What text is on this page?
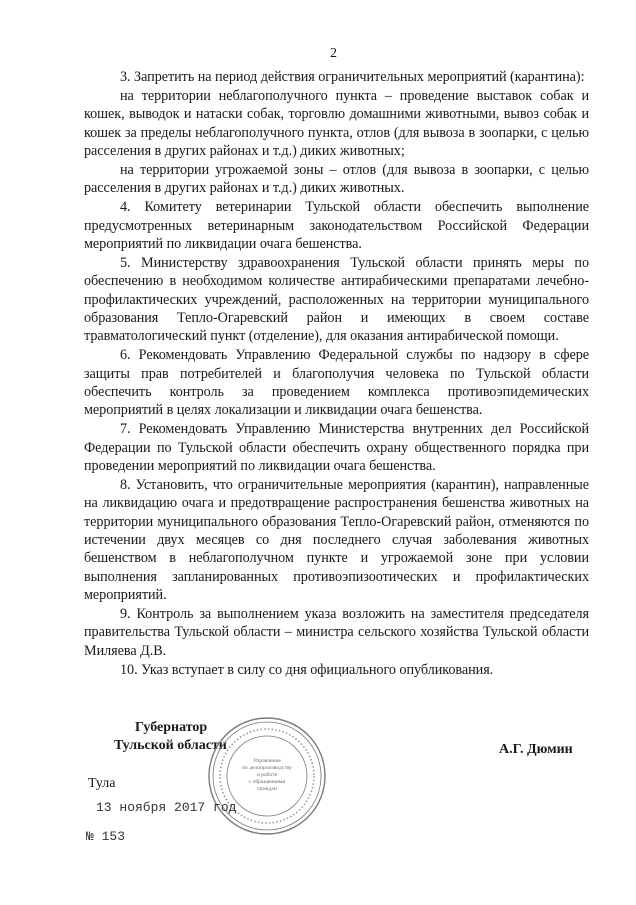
2

3. Запретить на период действия ограничительных мероприятий (карантина):

на территории неблагополучного пункта – проведение выставок собак и кошек, выводок и натаски собак, торговлю домашними животными, вывоз собак и кошек за пределы неблагополучного пункта, отлов (для вывоза в зоопарки, с целью расселения в других районах и т.д.) диких животных;

на территории угрожаемой зоны – отлов (для вывоза в зоопарки, с целью расселения в других районах и т.д.) диких животных.

4. Комитету ветеринарии Тульской области обеспечить выполнение предусмотренных ветеринарным законодательством Российской Федерации мероприятий по ликвидации очага бешенства.

5. Министерству здравоохранения Тульской области принять меры по обеспечению в необходимом количестве антирабическими препаратами лечебно-профилактических учреждений, расположенных на территории муниципального образования Тепло-Огаревский район и имеющих в своем составе травматологический пункт (отделение), для оказания антирабической помощи.

6. Рекомендовать Управлению Федеральной службы по надзору в сфере защиты прав потребителей и благополучия человека по Тульской области обеспечить контроль за проведением комплекса противоэпидемических мероприятий в целях локализации и ликвидации очага бешенства.

7. Рекомендовать Управлению Министерства внутренних дел Российской Федерации по Тульской области обеспечить охрану общественного порядка при проведении мероприятий по ликвидации очага бешенства.

8. Установить, что ограничительные мероприятия (карантин), направленные на ликвидацию очага и предотвращение распространения бешенства животных на территории муниципального образования Тепло-Огаревский район, отменяются по истечении двух месяцев со дня последнего случая заболевания животных бешенством в неблагополучном пункте и угрожаемой зоне при условии выполнения запланированных противоэпизоотических и профилактических мероприятий.

9. Контроль за выполнением указа возложить на заместителя председателя правительства Тульской области – министра сельского хозяйства Тульской области Миляева Д.В.

10. Указ вступает в силу со дня официального опубликования.

Губернатор
Тульской области	А.Г. Дюмин
Управление
по делопроизводству
и работе
с обращениями
граждан
Тула
13 ноября 2017 год
№ 153
